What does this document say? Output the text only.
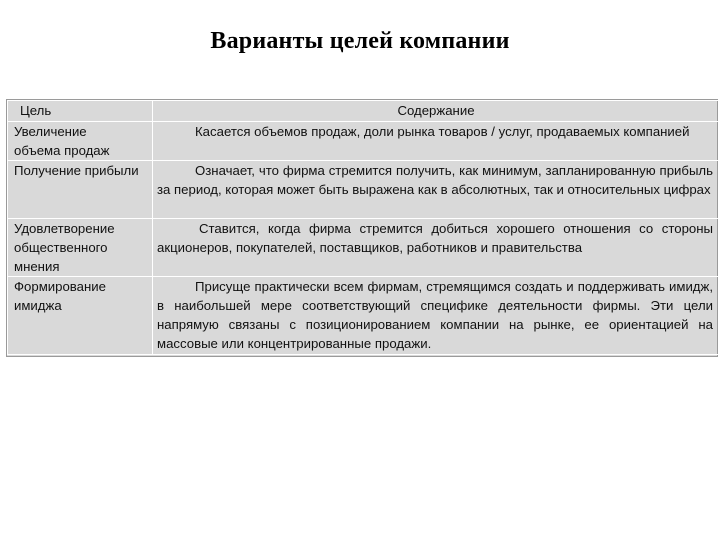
Варианты целей компании
Цель	Содержание
Увеличение объема продаж	Касается объемов продаж, доли рынка товаров / услуг, продаваемых компанией
Получение прибыли	Означает, что фирма стремится получить, как минимум, запланированную прибыль за период, которая может быть выражена как в абсолютных, так и относительных цифрах
Удовлетворение общественного мнения	Ставится, когда фирма стремится добиться хорошего отношения со стороны акционеров, покупателей, поставщиков, работников и правительства
Формирование имиджа	Присуще практически всем фирмам, стремящимся создать и поддерживать имидж, в наибольшей мере соответствующий специфике деятельности фирмы. Эти цели напрямую связаны с позиционированием компании на рынке, ее ориентацией на массовые или концентрированные продажи.
